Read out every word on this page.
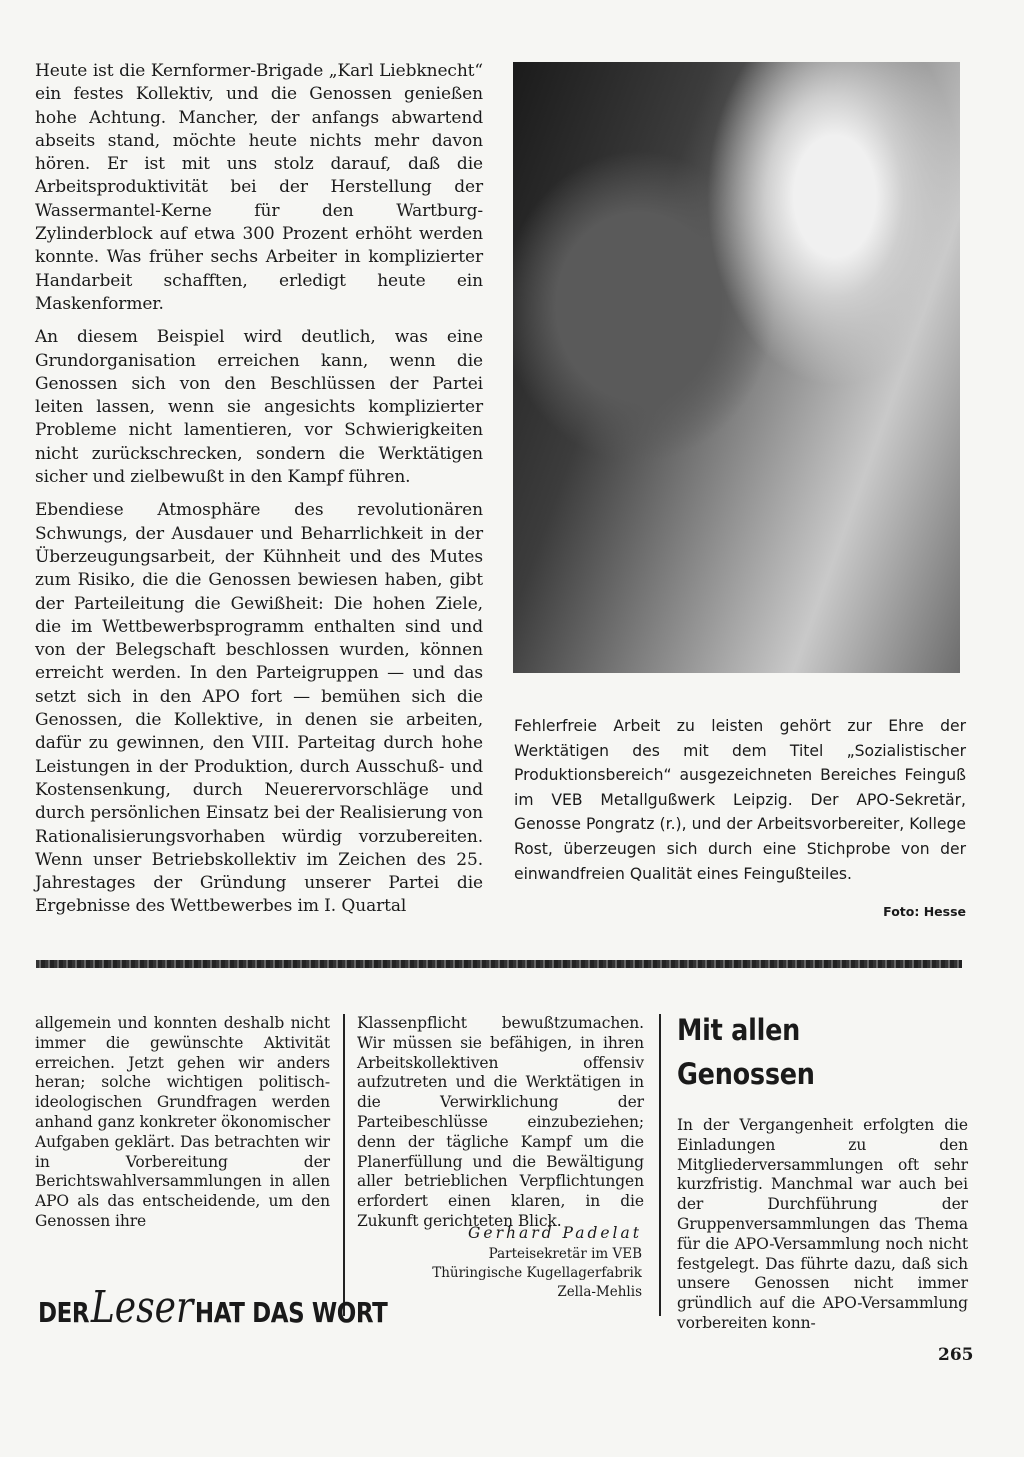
Heute ist die Kernformer-Brigade „Karl Liebknecht“ ein festes Kollektiv, und die Genossen genießen hohe Achtung. Mancher, der anfangs abwartend abseits stand, möchte heute nichts mehr davon hören. Er ist mit uns stolz darauf, daß die Arbeitsproduktivität bei der Herstellung der Wassermantel-Kerne für den Wartburg-Zylinderblock auf etwa 300 Prozent erhöht werden konnte. Was früher sechs Arbeiter in komplizierter Handarbeit schafften, erledigt heute ein Maskenformer.

An diesem Beispiel wird deutlich, was eine Grundorganisation erreichen kann, wenn die Genossen sich von den Beschlüssen der Partei leiten lassen, wenn sie angesichts komplizierter Probleme nicht lamentieren, vor Schwierigkeiten nicht zurückschrecken, sondern die Werktätigen sicher und zielbewußt in den Kampf führen.

Ebendiese Atmosphäre des revolutionären Schwungs, der Ausdauer und Beharrlichkeit in der Überzeugungsarbeit, der Kühnheit und des Mutes zum Risiko, die die Genossen bewiesen haben, gibt der Parteileitung die Gewißheit: Die hohen Ziele, die im Wettbewerbsprogramm enthalten sind und von der Belegschaft beschlossen wurden, können erreicht werden. In den Parteigruppen — und das setzt sich in den APO fort — bemühen sich die Genossen, die Kollektive, in denen sie arbeiten, dafür zu gewinnen, den VIII. Parteitag durch hohe Leistungen in der Produktion, durch Ausschuß- und Kostensenkung, durch Neuerervorschläge und durch persönlichen Einsatz bei der Realisierung von Rationalisierungsvorhaben würdig vorzubereiten. Wenn unser Betriebskollektiv im Zeichen des 25. Jahrestages der Gründung unserer Partei die Ergebnisse des Wettbewerbes im I. Quartal

Fehlerfreie Arbeit zu leisten gehört zur Ehre der Werktätigen des mit dem Titel „Sozialistischer Produktionsbereich“ ausgezeichneten Bereiches Feinguß im VEB Metallgußwerk Leipzig. Der APO-Sekretär, Genosse Pongratz (r.), und der Arbeitsvorbereiter, Kollege Rost, überzeugen sich durch eine Stichprobe von der einwandfreien Qualität eines Feingußteiles.

Foto: Hesse

allgemein und konnten deshalb nicht immer die gewünschte Aktivität erreichen. Jetzt gehen wir anders heran; solche wichtigen politisch-ideologischen Grundfragen werden anhand ganz konkreter ökonomischer Aufgaben geklärt. Das betrachten wir in Vorbereitung der Berichtswahlversammlungen in allen APO als das entscheidende, um den Genossen ihre

Klassenpflicht bewußtzumachen. Wir müssen sie befähigen, in ihren Arbeitskollektiven offensiv aufzutreten und die Werktätigen in die Verwirklichung der Parteibeschlüsse einzubeziehen; denn der tägliche Kampf um die Planerfüllung und die Bewältigung aller betrieblichen Verpflichtungen erfordert einen klaren, in die Zukunft gerichteten Blick.

Gerhard Padelat
Parteisekretär im VEB
Thüringische Kugellagerfabrik
Zella-Mehlis
DER Leser HAT DAS WORT
Mit allen Genossen

In der Vergangenheit erfolgten die Einladungen zu den Mitgliederversammlungen oft sehr kurzfristig. Manchmal war auch bei der Durchführung der Gruppenversammlungen das Thema für die APO-Versammlung noch nicht festgelegt. Das führte dazu, daß sich unsere Genossen nicht immer gründlich auf die APO-Versammlung vorbereiten konn-

265
